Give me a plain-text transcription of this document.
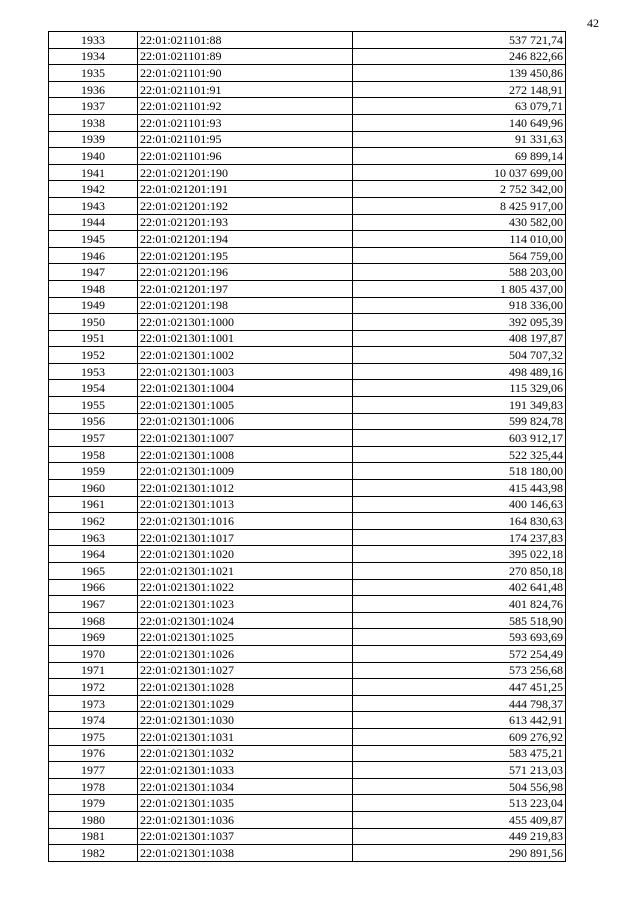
42
1933	22:01:021101:88	537 721,74
1934	22:01:021101:89	246 822,66
1935	22:01:021101:90	139 450,86
1936	22:01:021101:91	272 148,91
1937	22:01:021101:92	63 079,71
1938	22:01:021101:93	140 649,96
1939	22:01:021101:95	91 331,63
1940	22:01:021101:96	69 899,14
1941	22:01:021201:190	10 037 699,00
1942	22:01:021201:191	2 752 342,00
1943	22:01:021201:192	8 425 917,00
1944	22:01:021201:193	430 582,00
1945	22:01:021201:194	114 010,00
1946	22:01:021201:195	564 759,00
1947	22:01:021201:196	588 203,00
1948	22:01:021201:197	1 805 437,00
1949	22:01:021201:198	918 336,00
1950	22:01:021301:1000	392 095,39
1951	22:01:021301:1001	408 197,87
1952	22:01:021301:1002	504 707,32
1953	22:01:021301:1003	498 489,16
1954	22:01:021301:1004	115 329,06
1955	22:01:021301:1005	191 349,83
1956	22:01:021301:1006	599 824,78
1957	22:01:021301:1007	603 912,17
1958	22:01:021301:1008	522 325,44
1959	22:01:021301:1009	518 180,00
1960	22:01:021301:1012	415 443,98
1961	22:01:021301:1013	400 146,63
1962	22:01:021301:1016	164 830,63
1963	22:01:021301:1017	174 237,83
1964	22:01:021301:1020	395 022,18
1965	22:01:021301:1021	270 850,18
1966	22:01:021301:1022	402 641,48
1967	22:01:021301:1023	401 824,76
1968	22:01:021301:1024	585 518,90
1969	22:01:021301:1025	593 693,69
1970	22:01:021301:1026	572 254,49
1971	22:01:021301:1027	573 256,68
1972	22:01:021301:1028	447 451,25
1973	22:01:021301:1029	444 798,37
1974	22:01:021301:1030	613 442,91
1975	22:01:021301:1031	609 276,92
1976	22:01:021301:1032	583 475,21
1977	22:01:021301:1033	571 213,03
1978	22:01:021301:1034	504 556,98
1979	22:01:021301:1035	513 223,04
1980	22:01:021301:1036	455 409,87
1981	22:01:021301:1037	449 219,83
1982	22:01:021301:1038	290 891,56
